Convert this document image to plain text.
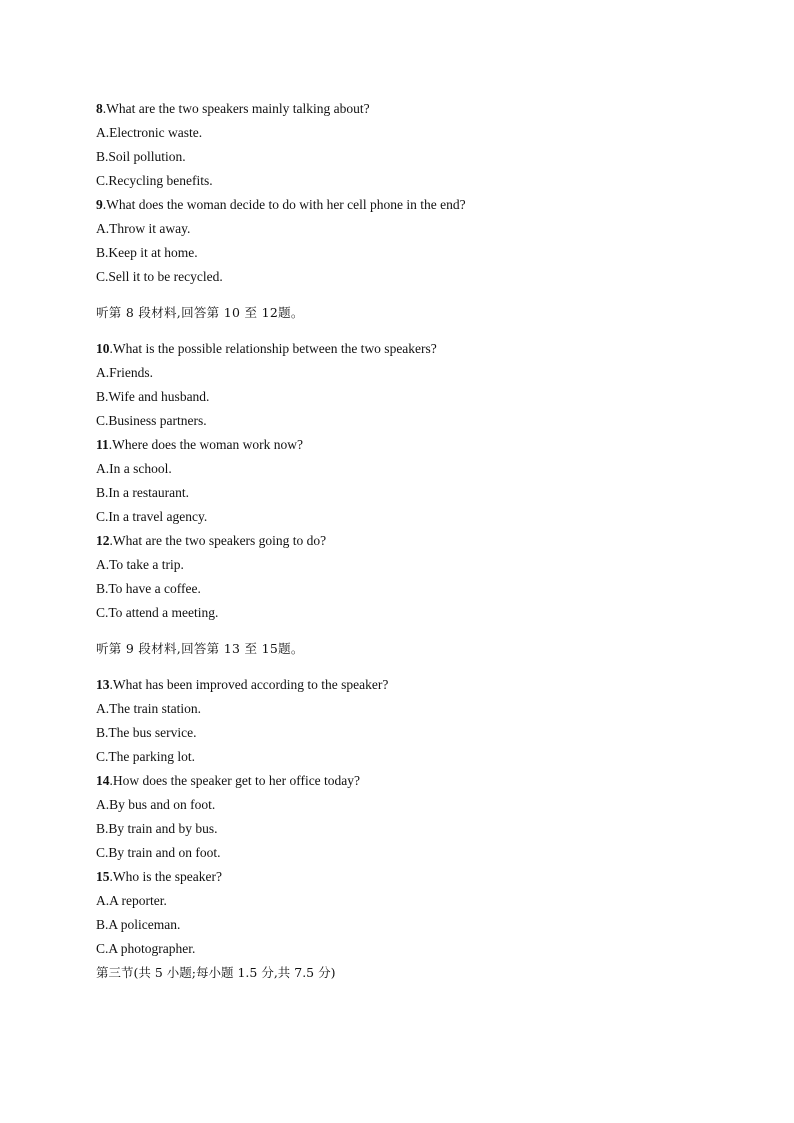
8.What are the two speakers mainly talking about?
A.Electronic waste.
B.Soil pollution.
C.Recycling benefits.
9.What does the woman decide to do with her cell phone in the end?
A.Throw it away.
B.Keep it at home.
C.Sell it to be recycled.
听第 8 段材料,回答第 10 至 12题。
10.What is the possible relationship between the two speakers?
A.Friends.
B.Wife and husband.
C.Business partners.
11.Where does the woman work now?
A.In a school.
B.In a restaurant.
C.In a travel agency.
12.What are the two speakers going to do?
A.To take a trip.
B.To have a coffee.
C.To attend a meeting.
听第 9 段材料,回答第 13 至 15题。
13.What has been improved according to the speaker?
A.The train station.
B.The bus service.
C.The parking lot.
14.How does the speaker get to her office today?
A.By bus and on foot.
B.By train and by bus.
C.By train and on foot.
15.Who is the speaker?
A.A reporter.
B.A policeman.
C.A photographer.
第三节(共 5 小题;每小题 1.5 分,共 7.5 分)
